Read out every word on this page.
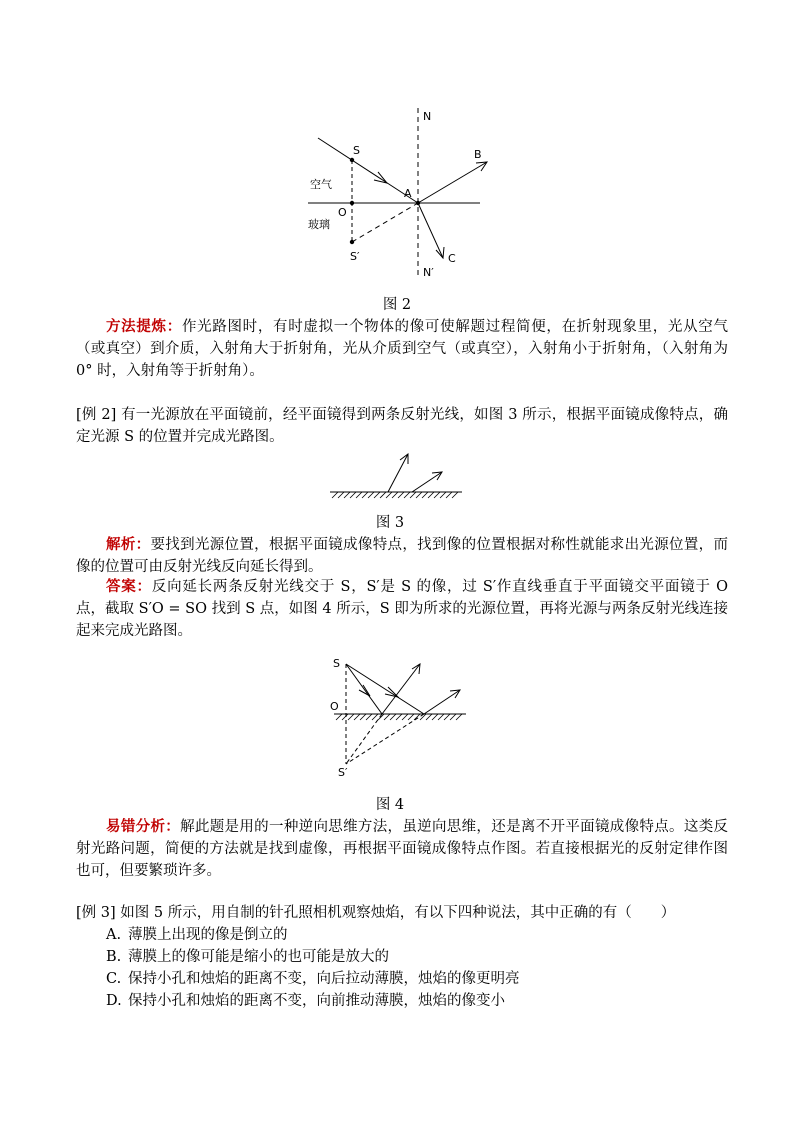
N
B
S
A
空气
O
玻璃
S′
N′
C
图 2
方法提炼：作光路图时，有时虚拟一个物体的像可使解题过程简便，在折射现象里，光从空气（或真空）到介质，入射角大于折射角，光从介质到空气（或真空），入射角小于折射角，（入射角为 0° 时，入射角等于折射角）。
[例 2] 有一光源放在平面镜前，经平面镜得到两条反射光线，如图 3 所示，根据平面镜成像特点，确定光源 S 的位置并完成光路图。
图 3
解析：要找到光源位置，根据平面镜成像特点，找到像的位置根据对称性就能求出光源位置，而像的位置可由反射光线反向延长得到。
答案：反向延长两条反射光线交于 S，S′是 S 的像，过 S′作直线垂直于平面镜交平面镜于 O 点，截取 S′O = SO 找到 S 点，如图 4 所示，S 即为所求的光源位置，再将光源与两条反射光线连接起来完成光路图。
S
O
S′
图 4
易错分析：解此题是用的一种逆向思维方法，虽逆向思维，还是离不开平面镜成像特点。这类反射光路问题，简便的方法就是找到虚像，再根据平面镜成像特点作图。若直接根据光的反射定律作图也可，但要繁琐许多。
[例 3] 如图 5 所示，用自制的针孔照相机观察烛焰，有以下四种说法，其中正确的有（　　）
A. 薄膜上出现的像是倒立的
B. 薄膜上的像可能是缩小的也可能是放大的
C. 保持小孔和烛焰的距离不变，向后拉动薄膜，烛焰的像更明亮
D. 保持小孔和烛焰的距离不变，向前推动薄膜，烛焰的像变小
